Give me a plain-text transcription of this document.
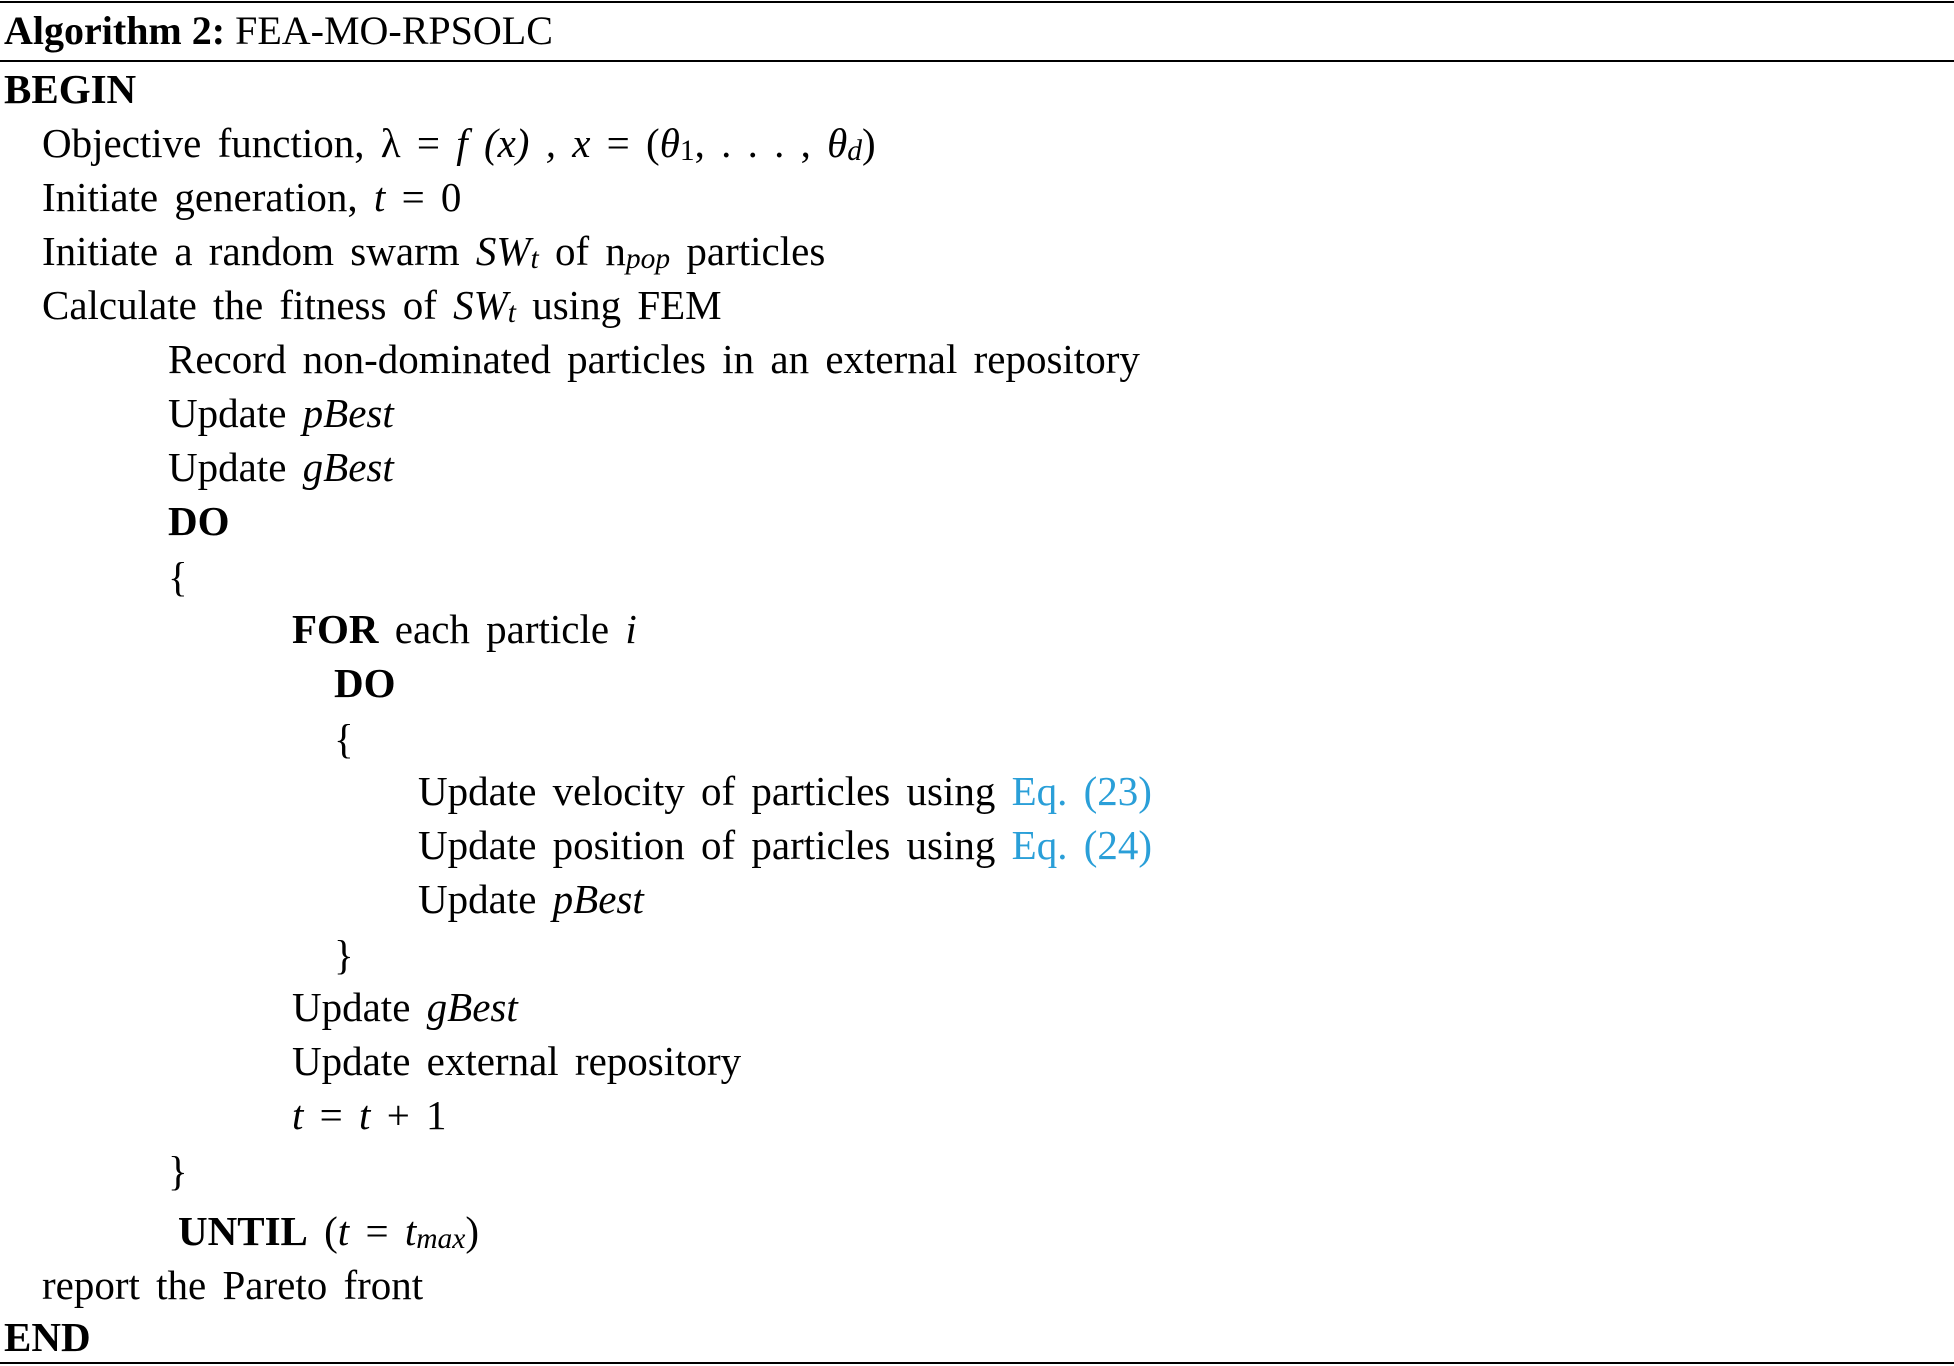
Algorithm 2: FEA-MO-RPSOLC
BEGIN
Objective function, λ = f (x) , $x = (\theta_1$, . . . , $\theta_d$)
Initiate generation, t = 0
Initiate a random swarm $SW_t$ of $n_{pop}$ particles
Calculate the fitness of $SW_t$ using FEM
Record non-dominated particles in an external repository
Update pBest
Update gBest
DO
{
FOR each particle i
DO
{
Update velocity of particles using Eq. (23)
Update position of particles using Eq. (24)
Update pBest
}
Update gBest
Update external repository
t = t + 1
}
UNTIL $(t = t_{max})$
report the Pareto front
END
